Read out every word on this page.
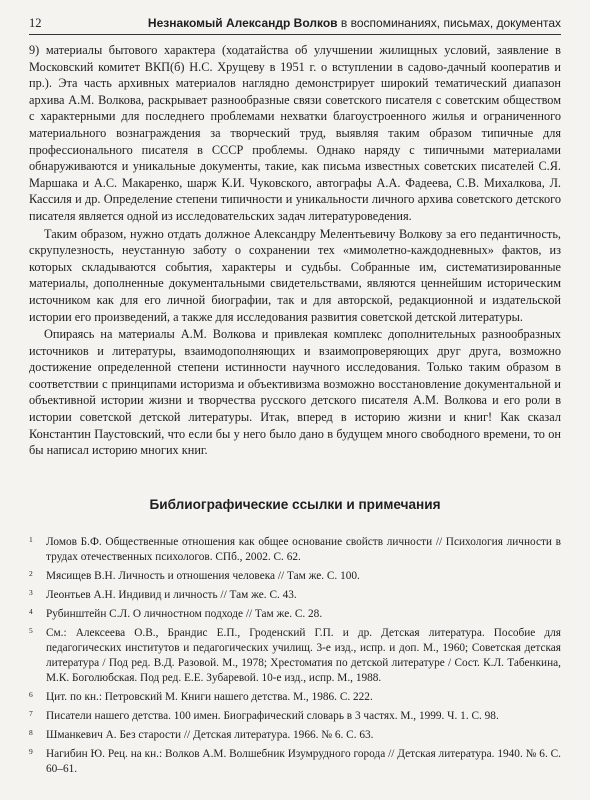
12	Незнакомый Александр Волков в воспоминаниях, письмах, документах

9) материалы бытового характера (ходатайства об улучшении жилищных условий, заявление в Московский комитет ВКП(б) Н.С. Хрущеву в 1951 г. о вступлении в садово-дачный кооператив и пр.). Эта часть архивных материалов наглядно демонстрирует широкий тематический диапазон архива А.М. Волкова, раскрывает разнообразные связи советского писателя с советским обществом с характерными для последнего проблемами нехватки благоустроенного жилья и ограниченного материального вознаграждения за творческий труд, выявляя таким образом типичные для профессионального писателя в СССР проблемы. Однако наряду с типичными материалами обнаруживаются и уникальные документы, такие, как письма известных советских писателей С.Я. Маршака и А.С. Макаренко, шарж К.И. Чуковского, автографы А.А. Фадеева, С.В. Михалкова, Л. Кассиля и др. Определение степени типичности и уникальности личного архива советского детского писателя является одной из исследовательских задач литературоведения.

Таким образом, нужно отдать должное Александру Мелентьевичу Волкову за его педантичность, скрупулезность, неустанную заботу о сохранении тех «мимолетно-каждодневных» фактов, из которых складываются события, характеры и судьбы. Собранные им, систематизированные материалы, дополненные документальными свидетельствами, являются ценнейшим историческим источником как для его личной биографии, так и для авторской, редакционной и издательской истории его произведений, а также для исследования развития советской детской литературы.

Опираясь на материалы А.М. Волкова и привлекая комплекс дополнительных разнообразных источников и литературы, взаимодополняющих и взаимопроверяющих друг друга, возможно достижение определенной степени истинности научного исследования. Только таким образом в соответствии с принципами историзма и объективизма возможно восстановление документальной и объективной истории жизни и творчества русского детского писателя А.М. Волкова и его роли в истории советской детской литературы. Итак, вперед в историю жизни и книг! Как сказал Константин Паустовский, что если бы у него было дано в будущем много свободного времени, то он бы написал историю многих книг.

Библиографические ссылки и примечания
1 Ломов Б.Ф. Общественные отношения как общее основание свойств личности // Психология личности в трудах отечественных психологов. СПб., 2002. С. 62.
2 Мясищев В.Н. Личность и отношения человека // Там же. С. 100.
3 Леонтьев А.Н. Индивид и личность // Там же. С. 43.
4 Рубинштейн С.Л. О личностном подходе // Там же. С. 28.
5 См.: Алексеева О.В., Брандис Е.П., Гроденский Г.П. и др. Детская литература. Пособие для педагогических институтов и педагогических училищ. 3-е изд., испр. и доп. М., 1960; Советская детская литература / Под ред. В.Д. Разовой. М., 1978; Хрестоматия по детской литературе / Сост. К.Л. Табенкина, М.К. Боголюбская. Под ред. Е.Е. Зубаревой. 10-е изд., испр. М., 1988.
6 Цит. по кн.: Петровский М. Книги нашего детства. М., 1986. С. 222.
7 Писатели нашего детства. 100 имен. Биографический словарь в 3 частях. М., 1999. Ч. 1. С. 98.
8 Шманкевич А. Без старости // Детская литература. 1966. № 6. С. 63.
9 Нагибин Ю. Рец. на кн.: Волков А.М. Волшебник Изумрудного города // Детская литература. 1940. № 6. С. 60–61.
